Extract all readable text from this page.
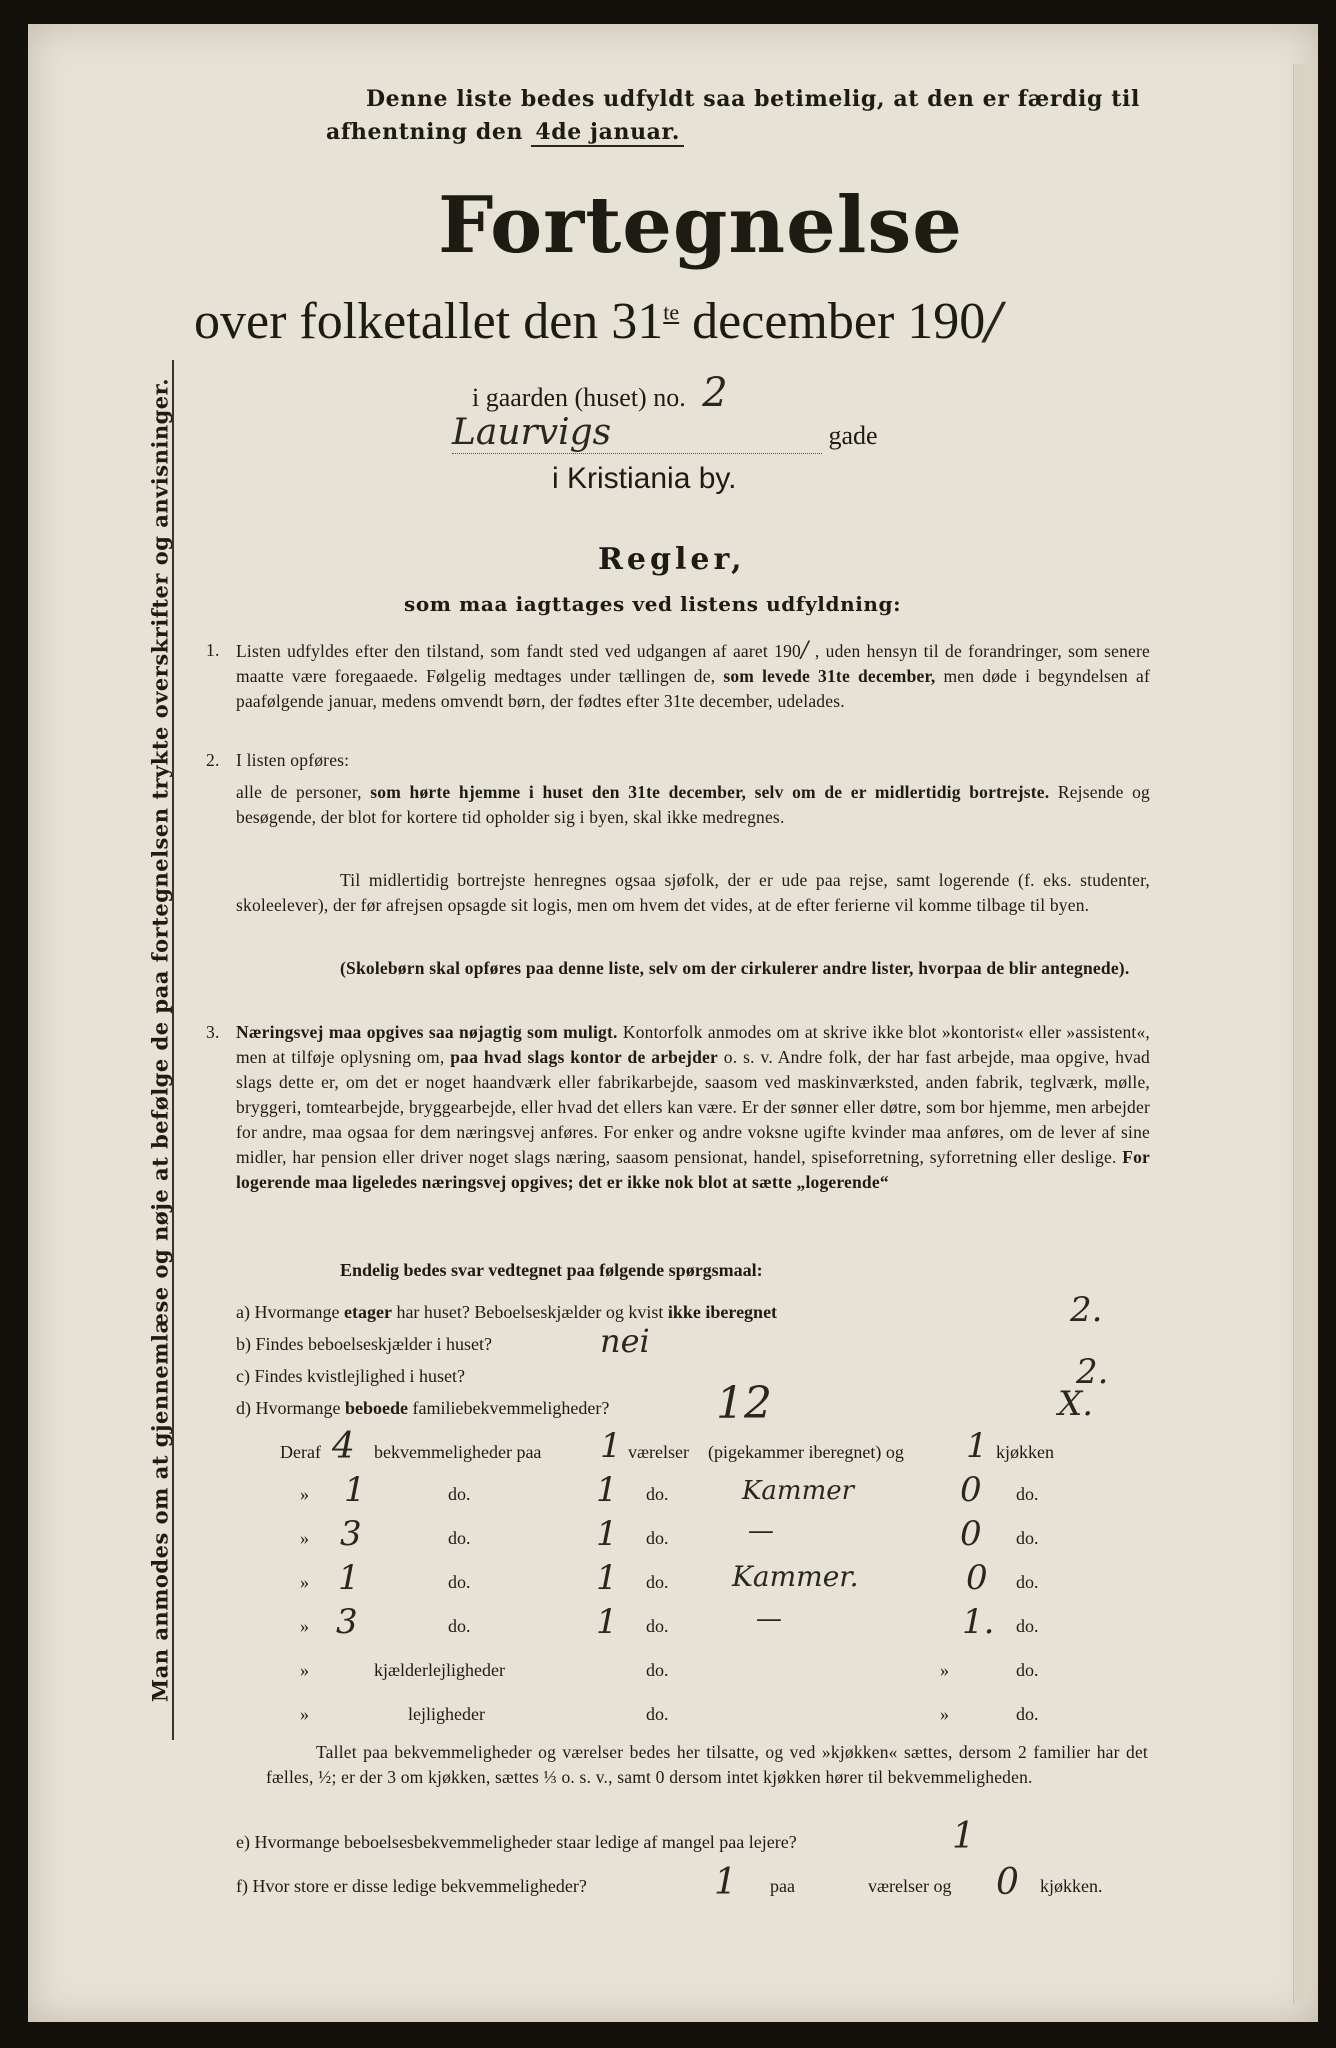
Denne liste bedes udfyldt saa betimelig, at den er færdig til
afhentning den 4de januar.
Fortegnelse
over folketallet den $31^{te}$ december 190/
i gaarden (huset) no. 2
Laurvigs	gade
i Kristiania by.
Regler,
som maa iagttages ved listens udfyldning:
Man anmodes om at gjennemlæse og nøje at befølge de paa fortegnelsen trykte overskrifter og anvisninger. 1. Listen udfyldes efter den tilstand, som fandt sted ved udgangen af aaret 190/ , uden hensyn til de forandringer, som senere maatte være foregaaede. Følgelig medtages under tællingen de, som levede 31te december, men døde i begyndelsen af paafølgende januar, medens omvendt børn, der fødtes efter 31te december, udelades.
2. I listen opføres:
alle de personer, som hørte hjemme i huset den 31te december, selv om de er midlertidig bortrejste. Rejsende og besøgende, der blot for kortere tid opholder sig i byen, skal ikke medregnes.
Til midlertidig bortrejste henregnes ogsaa sjøfolk, der er ude paa rejse, samt logerende (f. eks. studenter, skoleelever), der før afrejsen opsagde sit logis, men om hvem det vides, at de efter ferierne vil komme tilbage til byen.
(Skolebørn skal opføres paa denne liste, selv om der cirkulerer andre lister, hvorpaa de blir antegnede).
3. Næringsvej maa opgives saa nøjagtig som muligt. Kontorfolk anmodes om at skrive ikke blot »kontorist« eller »assistent«, men at tilføje oplysning om, paa hvad slags kontor de arbejder o. s. v. Andre folk, der har fast arbejde, maa opgive, hvad slags dette er, om det er noget haandværk eller fabrikarbejde, saasom ved maskinværksted, anden fabrik, teglværk, mølle, bryggeri, tomtearbejde, bryggearbejde, eller hvad det ellers kan være. Er der sønner eller døtre, som bor hjemme, men arbejder for andre, maa ogsaa for dem næringsvej anføres. For enker og andre voksne ugifte kvinder maa anføres, om de lever af sine midler, har pension eller driver noget slags næring, saasom pensionat, handel, spiseforretning, syforretning eller deslige. For logerende maa ligeledes næringsvej opgives; det er ikke nok blot at sætte „logerende“
Endelig bedes svar vedtegnet paa følgende spørgsmaal:
a) Hvormange etager har huset? Beboelseskjælder og kvist ikke iberegnet	2.
b) Findes beboelseskjælder i huset?	nei
c) Findes kvistlejlighed i huset?	2.
d) Hvormange beboede familiebekvemmeligheder? 12	X.
Deraf 4 bekvemmeligheder paa 1 værelser (pigekammer iberegnet) og 1 kjøkken
» 1	do.	1 do.	Kammer	0 do.
» 3	do.	1 do.	—	0 do.
» 1	do.	1 do. Kammer.	0 do.
» 3	do.	1 do.	—	1. do.
»	kjælderlejligheder	do.	»	do.
»	lejligheder	do.	»	do.
Tallet paa bekvemmeligheder og værelser bedes her tilsatte, og ved »kjøkken« sættes, dersom 2 familier har det fælles, ½; er der 3 om kjøkken, sættes ⅓ o. s. v., samt 0 dersom intet kjøkken hører til bekvemmeligheden.
e) Hvormange beboelsesbekvemmeligheder staar ledige af mangel paa lejere?	1
f) Hvor store er disse ledige bekvemmeligheder?	1 paa	værelser og 0 kjøkken.
